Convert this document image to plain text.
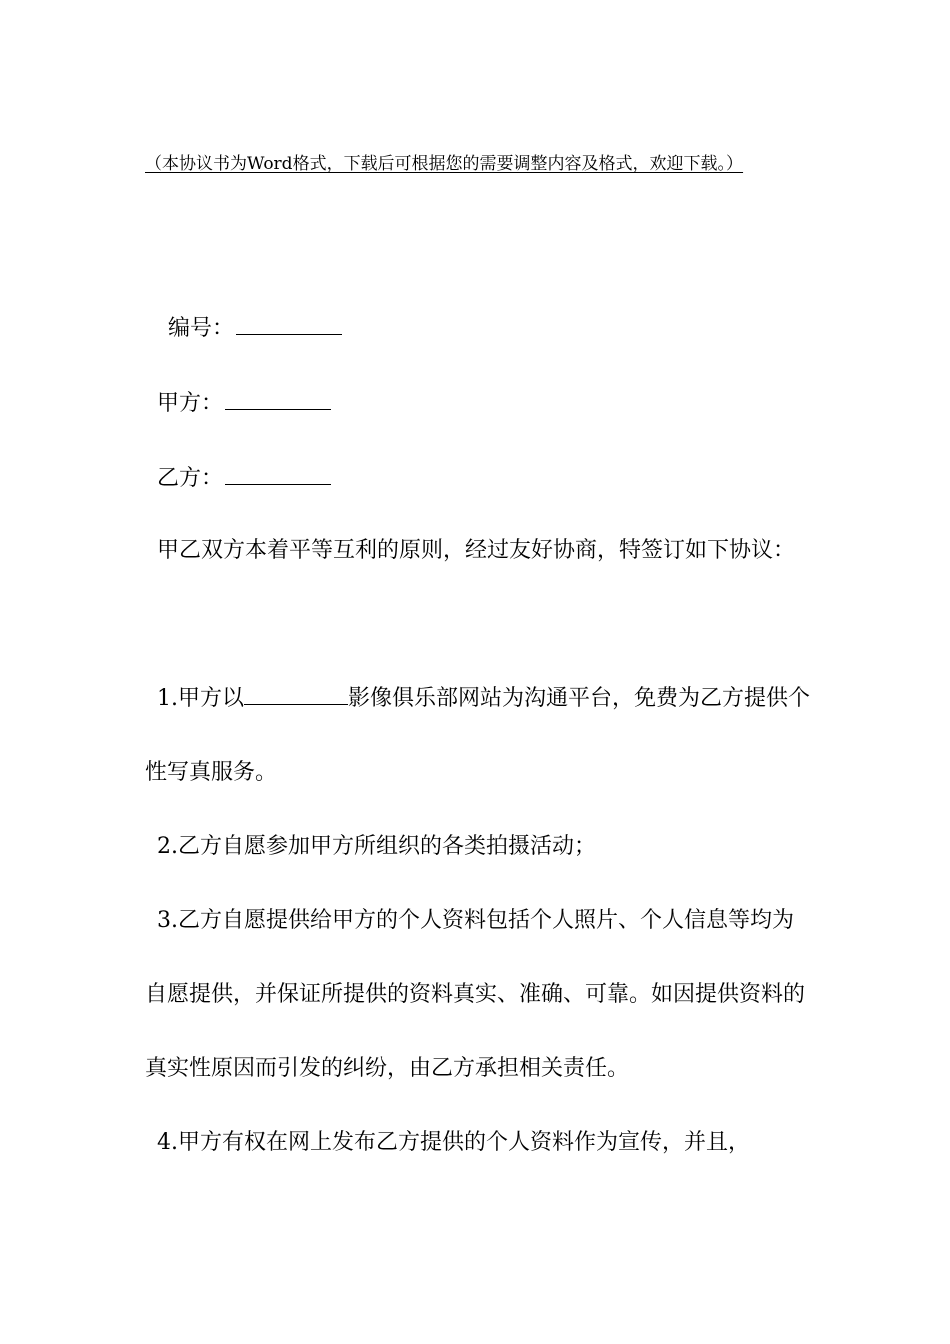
（本协议书为Word格式，下载后可根据您的需要调整内容及格式，欢迎下载。）
编号：
甲方：
乙方：
甲乙双方本着平等互利的原则，经过友好协商，特签订如下协议：
1.甲方以	影像俱乐部网站为沟通平台，免费为乙方提供个性写真服务。
2.乙方自愿参加甲方所组织的各类拍摄活动；
3.乙方自愿提供给甲方的个人资料包括个人照片、个人信息等均为自愿提供，并保证所提供的资料真实、准确、可靠。如因提供资料的真实性原因而引发的纠纷，由乙方承担相关责任。
4.甲方有权在网上发布乙方提供的个人资料作为宣传，并且，
